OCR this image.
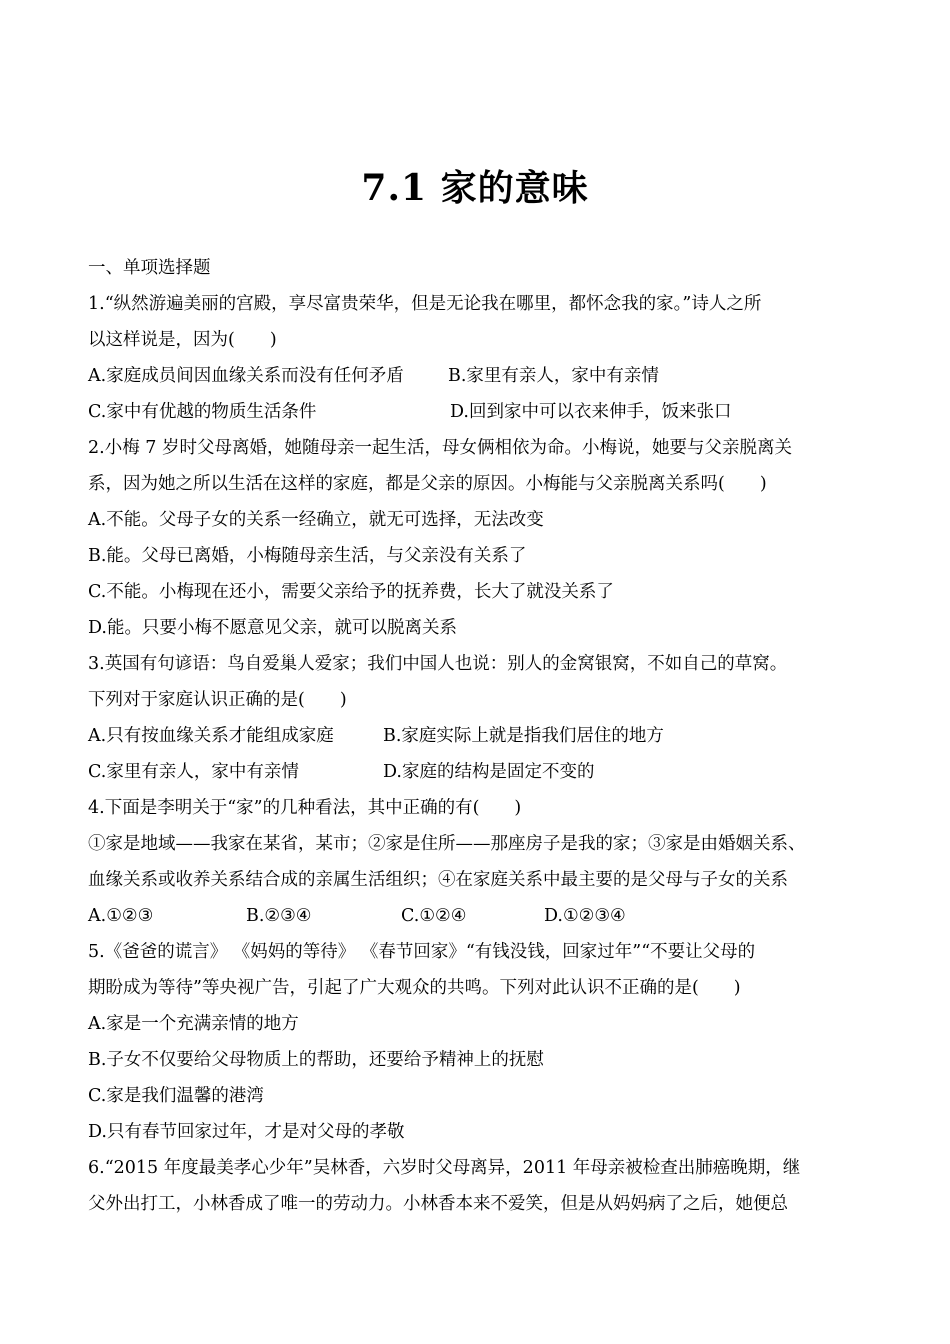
7.1 家的意味
一、单项选择题
1.“纵然游遍美丽的宫殿，享尽富贵荣华，但是无论我在哪里，都怀念我的家。”诗人之所
以这样说是，因为(　　)
A.家庭成员间因血缘关系而没有任何矛盾	B.家里有亲人，家中有亲情
C.家中有优越的物质生活条件	D.回到家中可以衣来伸手，饭来张口
2.小梅 7 岁时父母离婚，她随母亲一起生活，母女俩相依为命。小梅说，她要与父亲脱离关
系，因为她之所以生活在这样的家庭，都是父亲的原因。小梅能与父亲脱离关系吗(　　)
A.不能。父母子女的关系一经确立，就无可选择，无法改变
B.能。父母已离婚，小梅随母亲生活，与父亲没有关系了
C.不能。小梅现在还小，需要父亲给予的抚养费，长大了就没关系了
D.能。只要小梅不愿意见父亲，就可以脱离关系
3.英国有句谚语：鸟自爱巢人爱家；我们中国人也说：别人的金窝银窝，不如自己的草窝。
下列对于家庭认识正确的是(　　)
A.只有按血缘关系才能组成家庭	B.家庭实际上就是指我们居住的地方
C.家里有亲人，家中有亲情	D.家庭的结构是固定不变的
4.下面是李明关于“家”的几种看法，其中正确的有(　　)
①家是地域——我家在某省，某市；②家是住所——那座房子是我的家；③家是由婚姻关系、
血缘关系或收养关系结合成的亲属生活组织；④在家庭关系中最主要的是父母与子女的关系
A.①②③	B.②③④	C.①②④	D.①②③④
5.《爸爸的谎言》 《妈妈的等待》 《春节回家》“有钱没钱，回家过年”“不要让父母的
期盼成为等待”等央视广告，引起了广大观众的共鸣。下列对此认识不正确的是(　　)
A.家是一个充满亲情的地方
B.子女不仅要给父母物质上的帮助，还要给予精神上的抚慰
C.家是我们温馨的港湾
D.只有春节回家过年，才是对父母的孝敬
6.“2015 年度最美孝心少年”吴林香，六岁时父母离异，2011 年母亲被检查出肺癌晚期，继
父外出打工，小林香成了唯一的劳动力。小林香本来不爱笑，但是从妈妈病了之后，她便总
